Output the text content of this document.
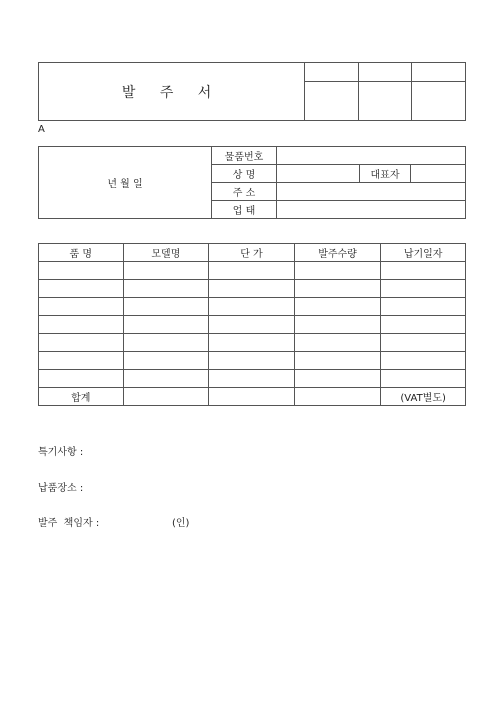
발 주 서			

A
년 월 일	물품번호			
	상 명		대표자	
	주 소			
	업 태			
품 명	모델명	단 가	발주수량	납기일자

합계				(VAT별도)
특기사항 :
납품장소 :
발주  책임자 :	(인)
